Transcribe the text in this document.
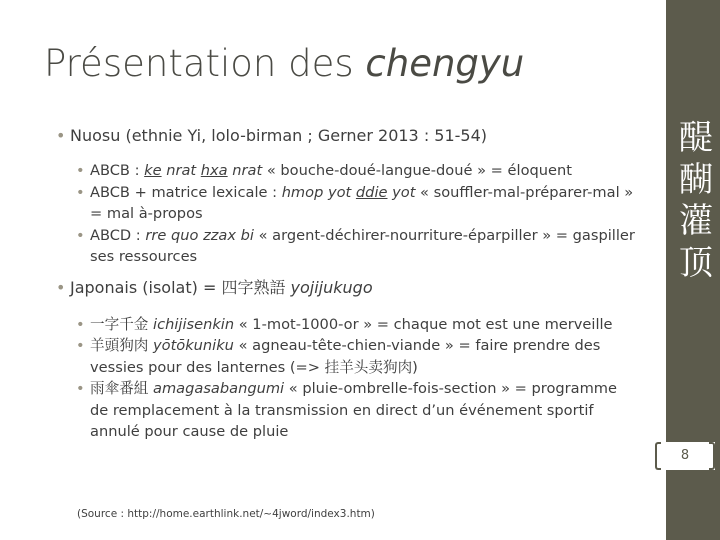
Présentation des chengyu

• Nuosu (ethnie Yi, lolo-birman ; Gerner 2013 : 51-54)

• ABCB : ke nrat hxa nrat « bouche-doué-langue-doué » = éloquent
• ABCB + matrice lexicale : hmop yot ddie yot « souffler-mal-préparer-mal » = mal à-propos
• ABCD : rre quo zzax bi « argent-déchirer-nourriture-éparpiller » = gaspiller ses ressources

• Japonais (isolat) = 四字熟語 yojijukugo

• 一字千金 ichijisenkin « 1-mot-1000-or » = chaque mot est une merveille
• 羊頭狗肉 yōtōkuniku « agneau-tête-chien-viande » = faire prendre des vessies pour des lanternes (=> 挂羊头卖狗肉)
• 雨傘番組 amagasabangumi « pluie-ombrelle-fois-section » = programme de remplacement à la transmission en direct d’un événement sportif annulé pour cause de pluie
(Source : http://home.earthlink.net/~4jword/index3.htm)
醍
醐
灌
顶
8
